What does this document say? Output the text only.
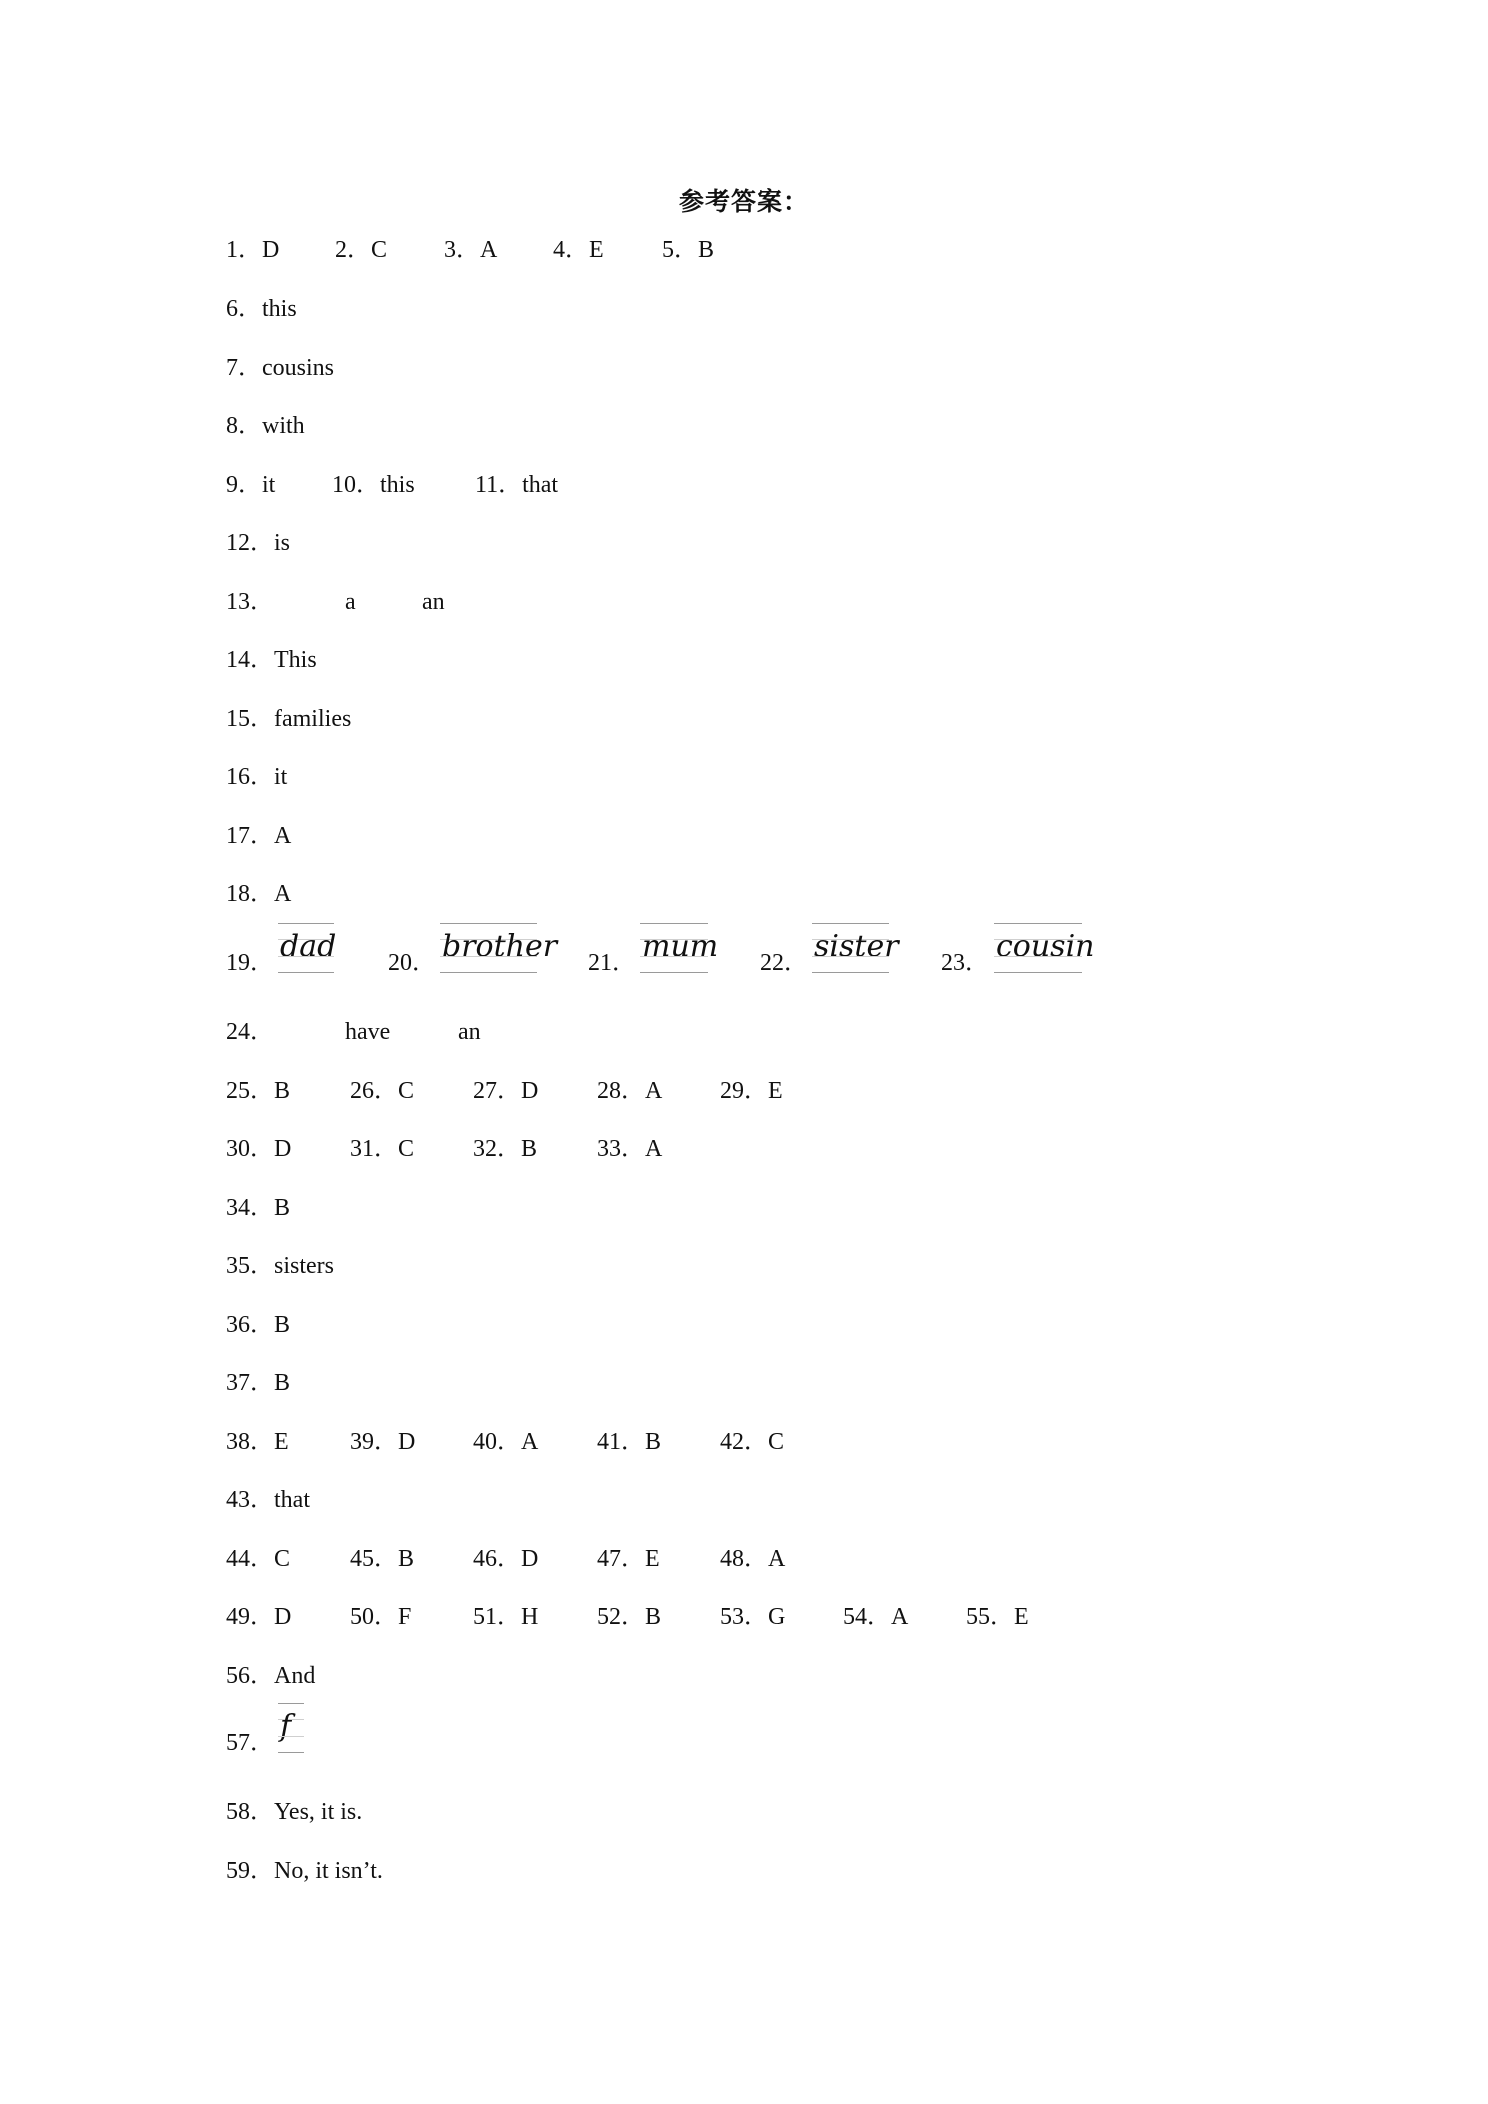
参考答案：
1．D 2．C 3．A 4．E 5．B
6．this
7．cousins
8．with
9．it 10．this	11．that
12．is
13．	a	an
14．This
15．families
16．it
17．A
18．A
19． dad 20． brother 21． mum 22． sister 23． cousin
24．	have	an
25．B 26．C 27．D 28．A 29．E
30．D 31．C 32．B 33．A
34．B
35．sisters
36．B
37．B
38．E	39．D 40．A 41．B 42．C
43．that
44．C 45．B 46．D 47．E	48．A
49．D 50．F	51．H 52．B 53．G 54．A 55．E
56．And
57． f
58．Yes, it is.
59．No, it isn’t.
